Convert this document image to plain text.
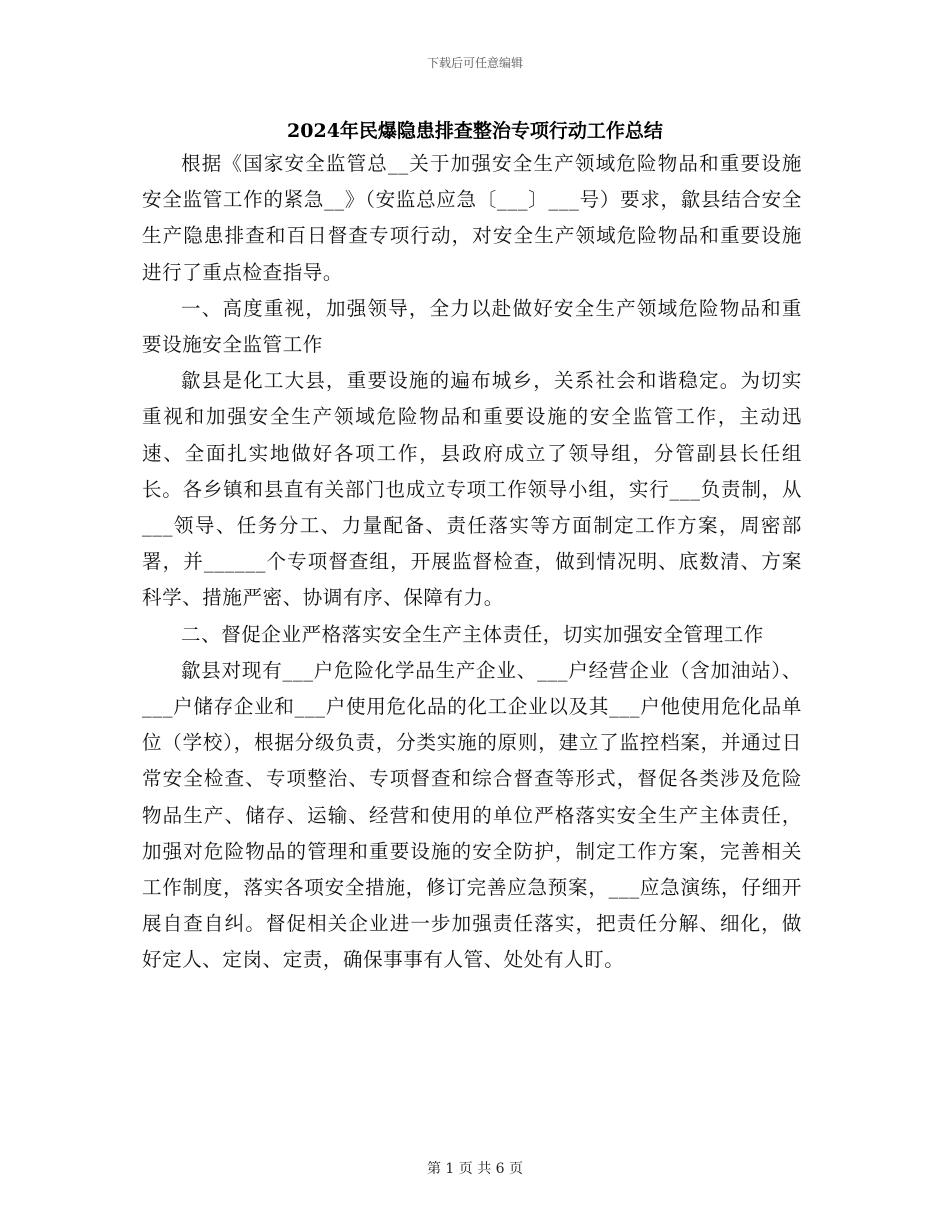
下载后可任意编辑
2024年民爆隐患排查整治专项行动工作总结

根据《国家安全监管总__关于加强安全生产领域危险物品和重要设施安全监管工作的紧急__》（安监总应急〔___〕___号）要求，歙县结合安全生产隐患排查和百日督查专项行动，对安全生产领域危险物品和重要设施进行了重点检查指导。

一、高度重视，加强领导，全力以赴做好安全生产领域危险物品和重要设施安全监管工作

歙县是化工大县，重要设施的遍布城乡，关系社会和谐稳定。为切实重视和加强安全生产领域危险物品和重要设施的安全监管工作，主动迅速、全面扎实地做好各项工作，县政府成立了领导组，分管副县长任组长。各乡镇和县直有关部门也成立专项工作领导小组，实行___负责制，从___领导、任务分工、力量配备、责任落实等方面制定工作方案，周密部署，并______个专项督查组，开展监督检查，做到情况明、底数清、方案科学、措施严密、协调有序、保障有力。

二、督促企业严格落实安全生产主体责任，切实加强安全管理工作

歙县对现有___户危险化学品生产企业、___户经营企业（含加油站）、___户储存企业和___户使用危化品的化工企业以及其___户他使用危化品单位（学校），根据分级负责，分类实施的原则，建立了监控档案，并通过日常安全检查、专项整治、专项督查和综合督查等形式，督促各类涉及危险物品生产、储存、运输、经营和使用的单位严格落实安全生产主体责任，加强对危险物品的管理和重要设施的安全防护，制定工作方案，完善相关工作制度，落实各项安全措施，修订完善应急预案，___应急演练，仔细开展自查自纠。督促相关企业进一步加强责任落实，把责任分解、细化，做好定人、定岗、定责，确保事事有人管、处处有人盯。

第 1 页 共 6 页
